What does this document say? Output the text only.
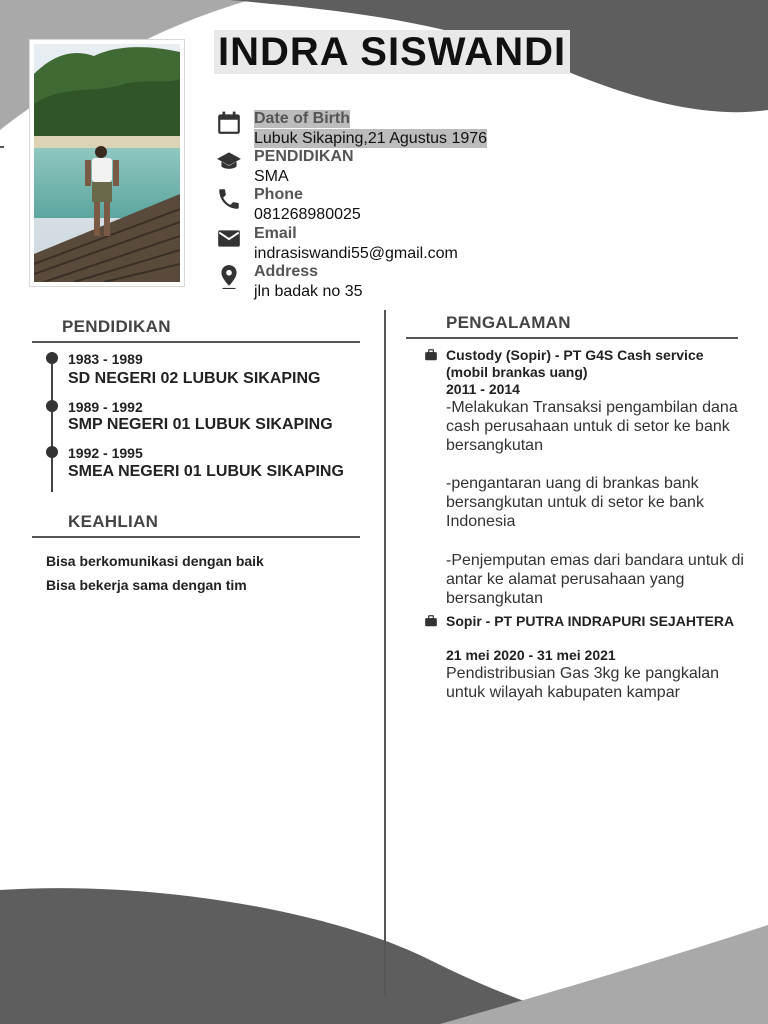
INDRA SISWANDI
Date of Birth
Lubuk Sikaping,21 Agustus 1976
PENDIDIKAN
SMA
Phone
081268980025
Email
indrasiswandi55@gmail.com
Address
jln badak no 35
PENDIDIKAN
1983 - 1989
SD NEGERI 02 LUBUK SIKAPING
1989 - 1992
SMP NEGERI 01 LUBUK SIKAPING
1992 - 1995
SMEA NEGERI 01 LUBUK SIKAPING
KEAHLIAN
Bisa berkomunikasi dengan baik
Bisa bekerja sama dengan tim
PENGALAMAN
Custody (Sopir) - PT G4S Cash service (mobil brankas uang)
2011 - 2014
-Melakukan Transaksi pengambilan dana cash perusahaan untuk di setor ke bank bersangkutan
-pengantaran uang di brankas bank bersangkutan untuk di setor ke bank Indonesia
-Penjemputan emas dari bandara untuk di antar ke alamat perusahaan yang bersangkutan
Sopir - PT PUTRA INDRAPURI SEJAHTERA
21 mei 2020 - 31 mei 2021
Pendistribusian Gas 3kg ke pangkalan untuk wilayah kabupaten kampar
